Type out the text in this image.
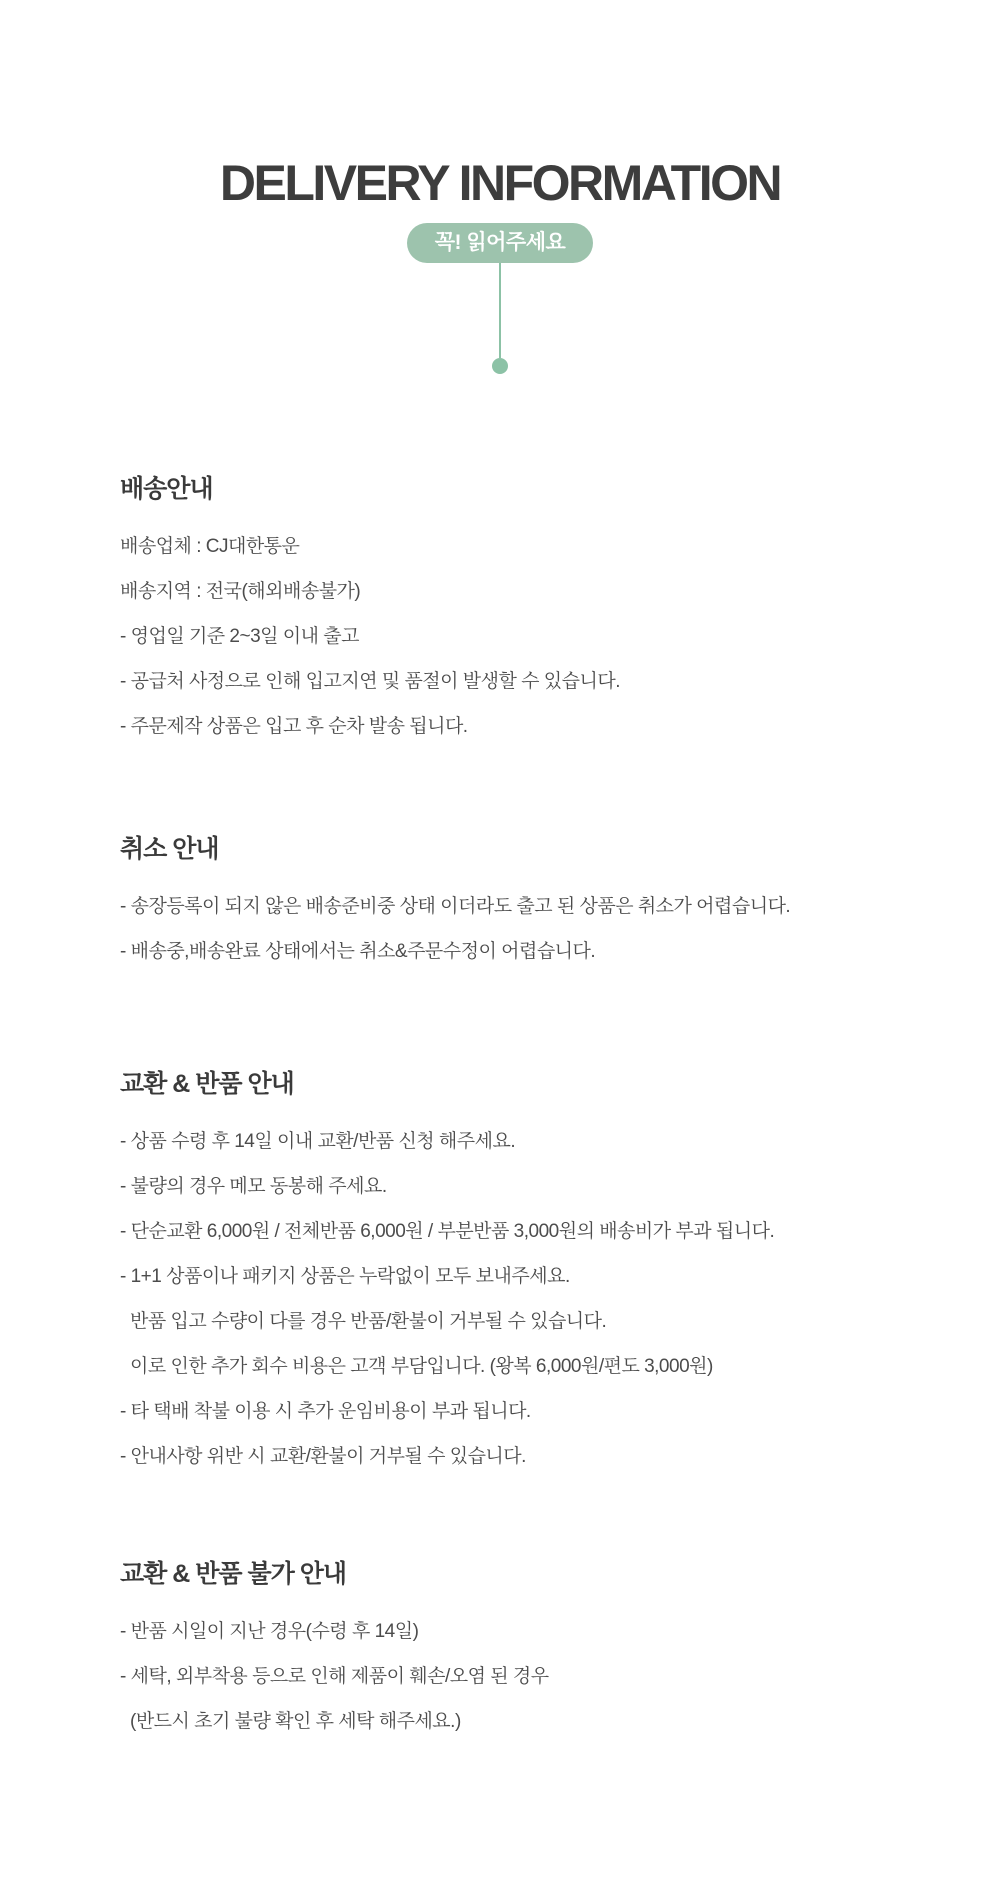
DELIVERY INFORMATION
꼭! 읽어주세요
배송안내

배송업체 : CJ대한통운

배송지역 : 전국(해외배송불가)

- 영업일 기준 2~3일 이내 출고

- 공급처 사정으로 인해 입고지연 및 품절이 발생할 수 있습니다.

- 주문제작 상품은 입고 후 순차 발송 됩니다.

취소 안내

- 송장등록이 되지 않은 배송준비중 상태 이더라도 출고 된 상품은 취소가 어렵습니다.

- 배송중,배송완료 상태에서는 취소&주문수정이 어렵습니다.

교환 & 반품 안내

- 상품 수령 후 14일 이내 교환/반품 신청 해주세요.

- 불량의 경우 메모 동봉해 주세요.

- 단순교환 6,000원 / 전체반품 6,000원 / 부분반품 3,000원의 배송비가 부과 됩니다.

- 1+1 상품이나 패키지 상품은 누락없이 모두 보내주세요.

반품 입고 수량이 다를 경우 반품/환불이 거부될 수 있습니다.

이로 인한 추가 회수 비용은 고객 부담입니다. (왕복 6,000원/편도 3,000원)

- 타 택배 착불 이용 시 추가 운임비용이 부과 됩니다.

- 안내사항 위반 시 교환/환불이 거부될 수 있습니다.

교환 & 반품 불가 안내

- 반품 시일이 지난 경우(수령 후 14일)

- 세탁, 외부착용 등으로 인해 제품이 훼손/오염 된 경우

(반드시 초기 불량 확인 후 세탁 해주세요.)
